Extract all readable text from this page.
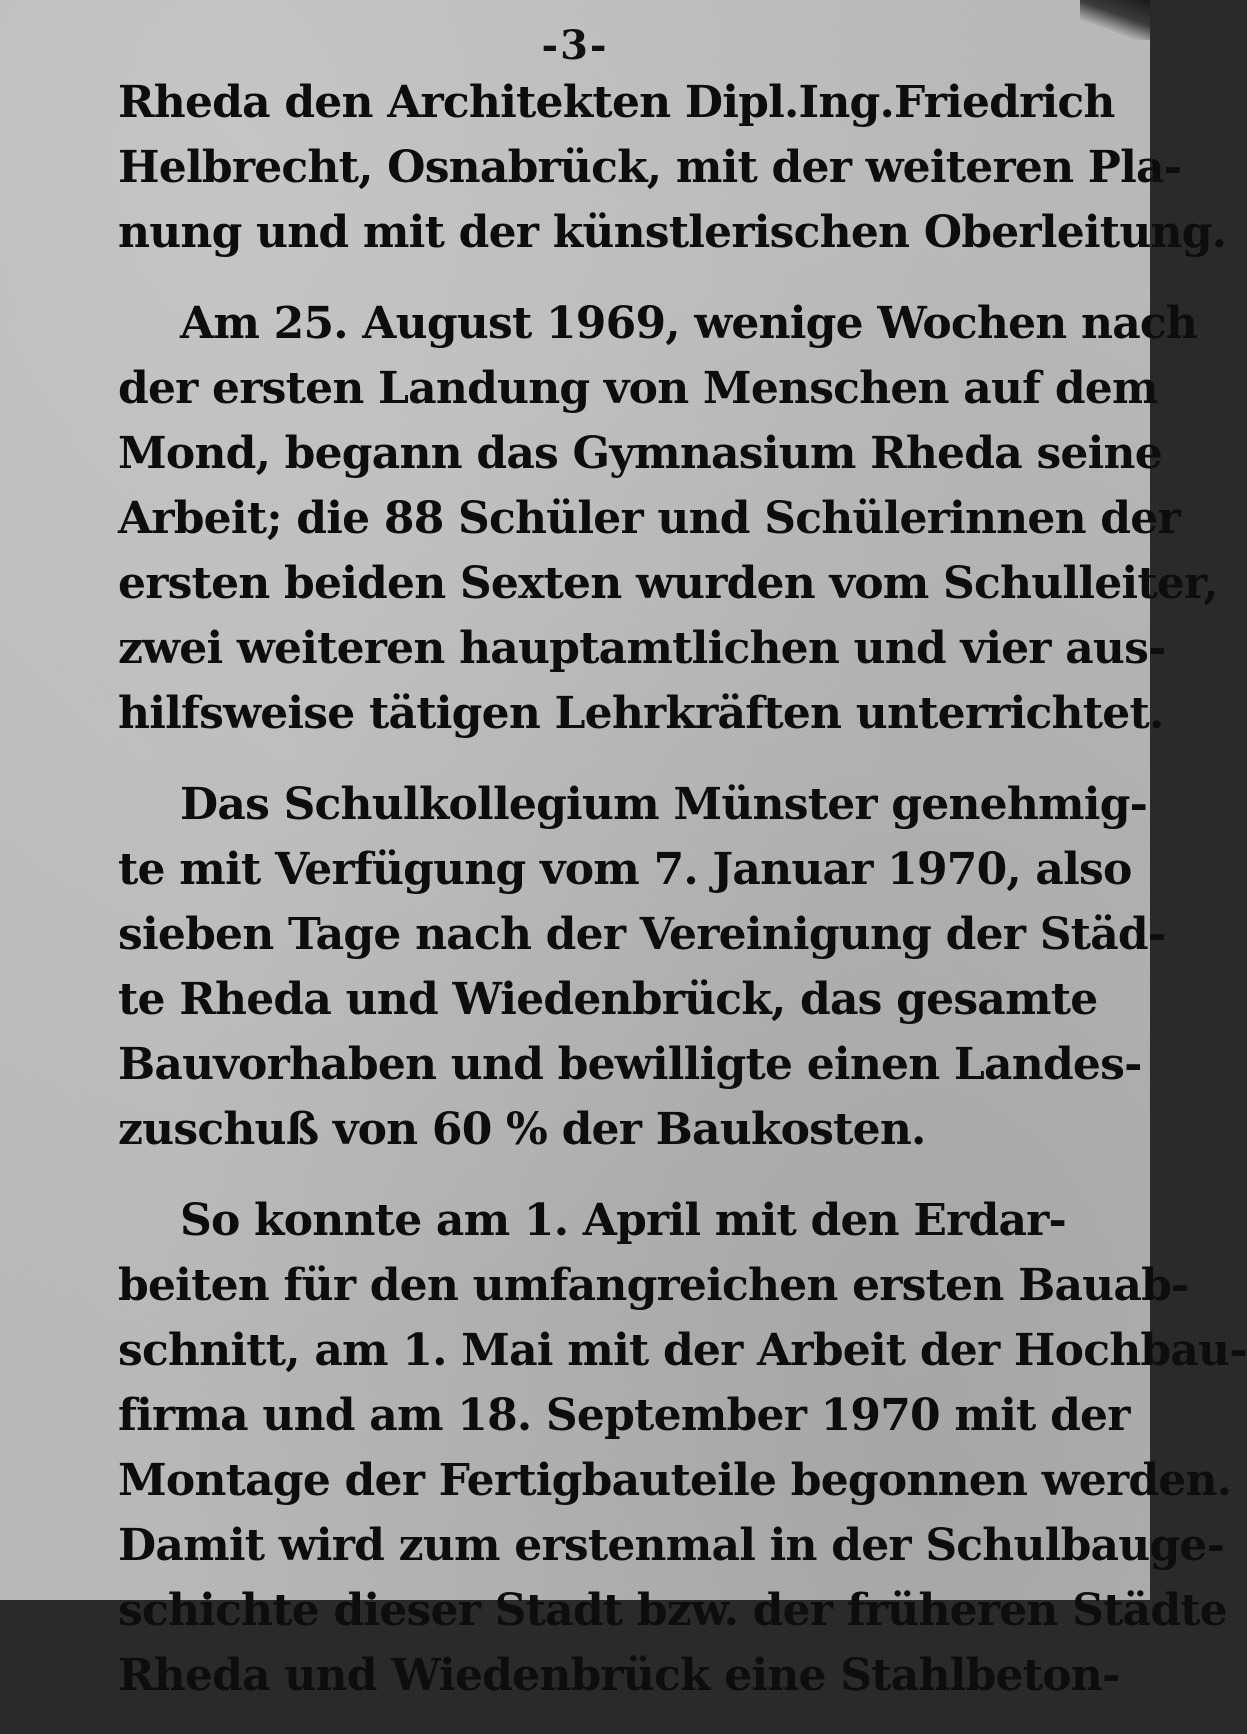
-3-
Rheda den Architekten Dipl.Ing.Friedrich
Helbrecht, Osnabrück, mit der weiteren Pla-
nung und mit der künstlerischen Oberleitung.
Am 25. August 1969, wenige Wochen nach
der ersten Landung von Menschen auf dem
Mond, begann das Gymnasium Rheda seine
Arbeit; die 88 Schüler und Schülerinnen der
ersten beiden Sexten wurden vom Schulleiter,
zwei weiteren hauptamtlichen und vier aus-
hilfsweise tätigen Lehrkräften unterrichtet.
Das Schulkollegium Münster genehmig-
te mit Verfügung vom 7. Januar 1970, also
sieben Tage nach der Vereinigung der Städ-
te Rheda und Wiedenbrück, das gesamte
Bauvorhaben und bewilligte einen Landes-
zuschuß von 60 % der Baukosten.
So konnte am 1. April mit den Erdar-
beiten für den umfangreichen ersten Bauab-
schnitt, am 1. Mai mit der Arbeit der Hochbau-
firma und am 18. September 1970 mit der
Montage der Fertigbauteile begonnen werden.
Damit wird zum erstenmal in der Schulbauge-
schichte dieser Stadt bzw. der früheren Städte
Rheda und Wiedenbrück eine Stahlbeton-
